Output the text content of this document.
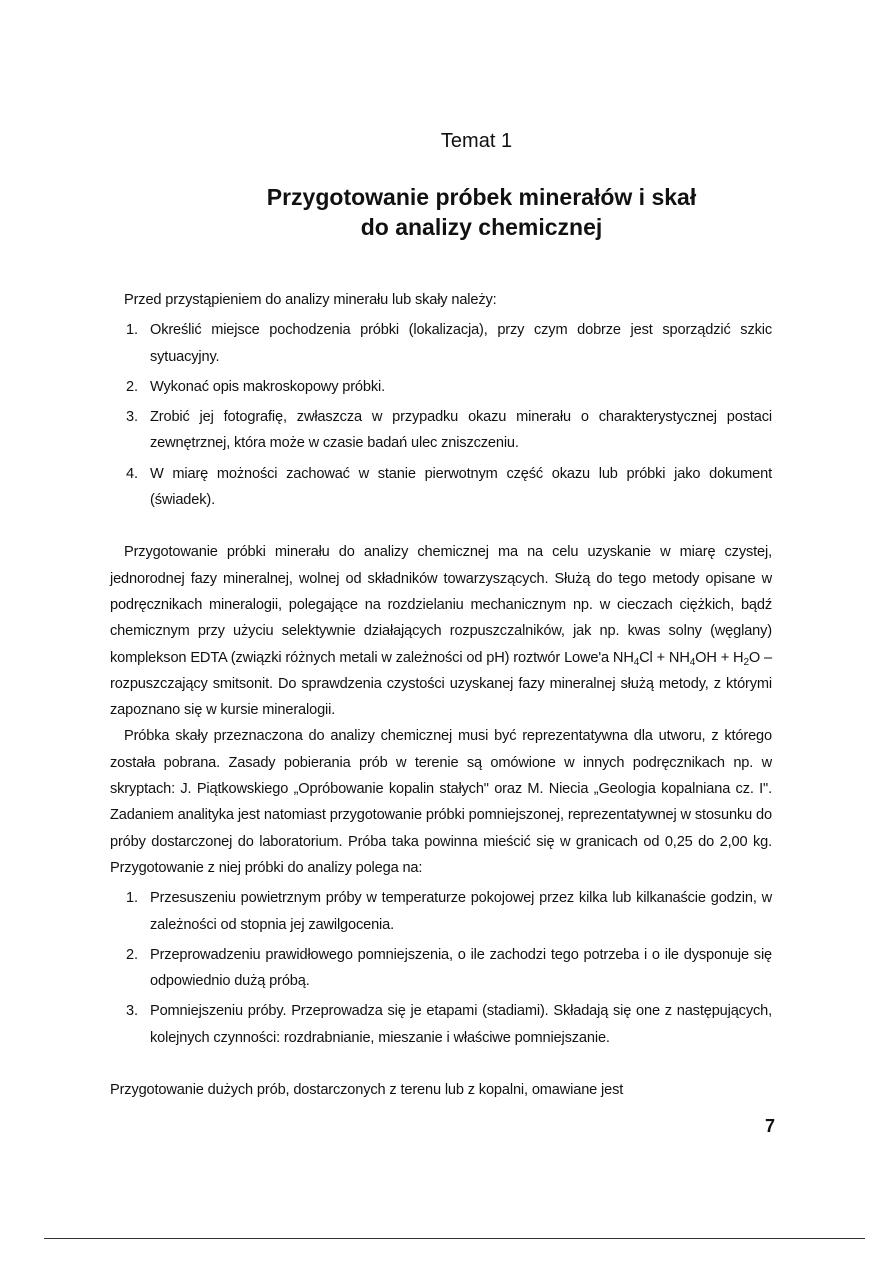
Temat 1
Przygotowanie próbek minerałów i skał
do analizy chemicznej

Przed przystąpieniem do analizy minerału lub skały należy:

1. Określić miejsce pochodzenia próbki (lokalizacja), przy czym dobrze jest sporządzić szkic sytuacyjny.
2. Wykonać opis makroskopowy próbki.
3. Zrobić jej fotografię, zwłaszcza w przypadku okazu minerału o charakterystycznej postaci zewnętrznej, która może w czasie badań ulec zniszczeniu.
4. W miarę możności zachować w stanie pierwotnym część okazu lub próbki jako dokument (świadek).

Przygotowanie próbki minerału do analizy chemicznej ma na celu uzyskanie w miarę czystej, jednorodnej fazy mineralnej, wolnej od składników towarzyszących. Służą do tego metody opisane w podręcznikach mineralogii, polegające na rozdzielaniu mechanicznym np. w cieczach ciężkich, bądź chemicznym przy użyciu selektywnie działających rozpuszczalników, jak np. kwas solny (węglany) komplekson EDTA (związki różnych metali w zależności od pH) roztwór Lowe'a $NH_4Cl + NH_4OH + H_2O$ – rozpuszczający smitsonit. Do sprawdzenia czystości uzyskanej fazy mineralnej służą metody, z którymi zapoznano się w kursie mineralogii.

Próbka skały przeznaczona do analizy chemicznej musi być reprezentatywna dla utworu, z którego została pobrana. Zasady pobierania prób w terenie są omówione w innych podręcznikach np. w skryptach: J. Piątkowskiego „Opróbowanie kopalin stałych" oraz M. Niecia „Geologia kopalniana cz. I". Zadaniem analityka jest natomiast przygotowanie próbki pomniejszonej, reprezentatywnej w stosunku do próby dostarczonej do laboratorium. Próba taka powinna mieścić się w granicach od 0,25 do 2,00 kg. Przygotowanie z niej próbki do analizy polega na:

1. Przesuszeniu powietrznym próby w temperaturze pokojowej przez kilka lub kilkanaście godzin, w zależności od stopnia jej zawilgocenia.
2. Przeprowadzeniu prawidłowego pomniejszenia, o ile zachodzi tego potrzeba i o ile dysponuje się odpowiednio dużą próbą.
3. Pomniejszeniu próby. Przeprowadza się je etapami (stadiami). Składają się one z następujących, kolejnych czynności: rozdrabnianie, mieszanie i właściwe pomniejszanie.

Przygotowanie dużych prób, dostarczonych z terenu lub z kopalni, omawiane jest

7
